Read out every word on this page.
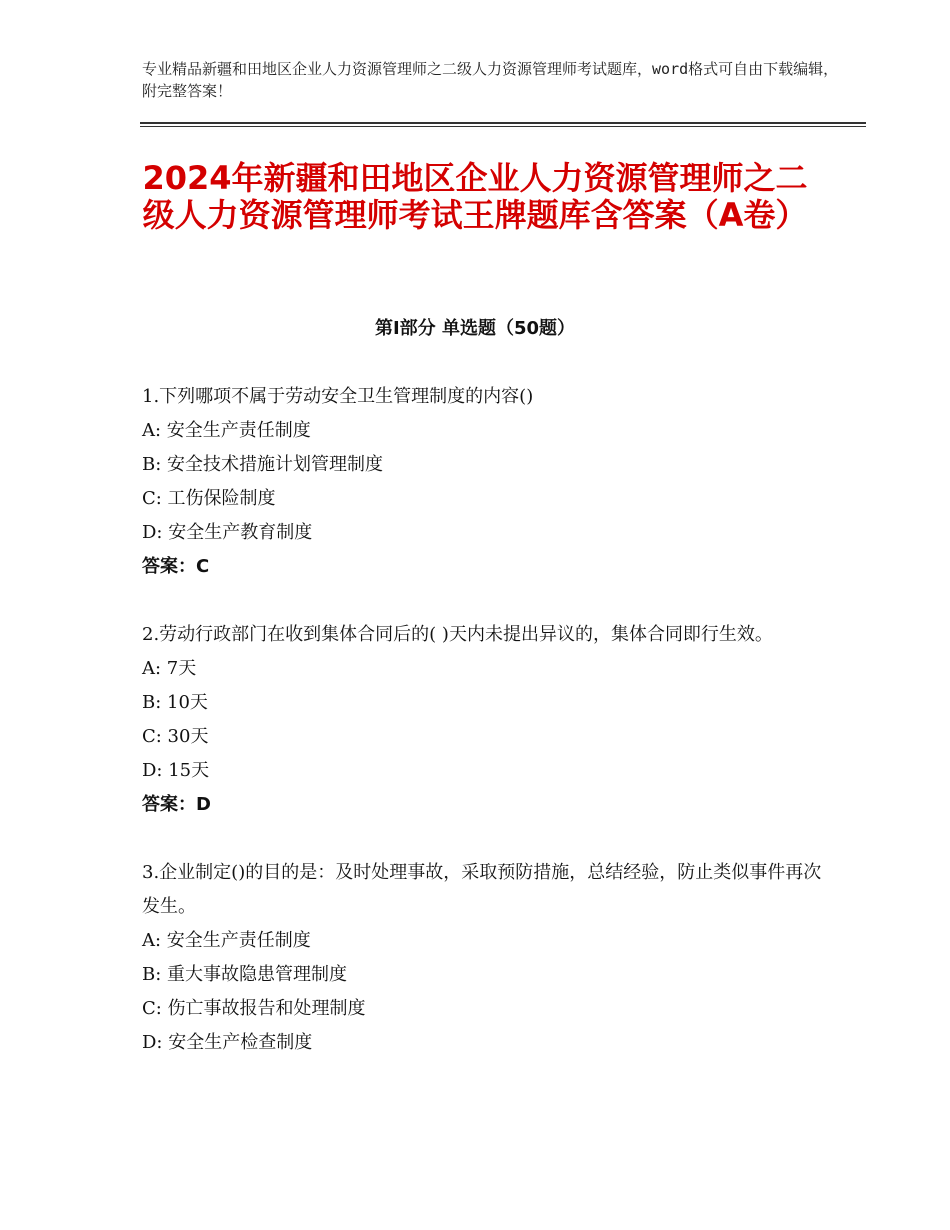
专业精品新疆和田地区企业人力资源管理师之二级人力资源管理师考试题库，word格式可自由下载编辑，附完整答案！
2024年新疆和田地区企业人力资源管理师之二级人力资源管理师考试王牌题库含答案（A卷）
第Ⅰ部分 单选题（50题）
1.下列哪项不属于劳动安全卫生管理制度的内容()
A: 安全生产责任制度
B: 安全技术措施计划管理制度
C: 工伤保险制度
D: 安全生产教育制度
答案：C
2.劳动行政部门在收到集体合同后的( )天内未提出异议的，集体合同即行生效。
A: 7天
B: 10天
C: 30天
D: 15天
答案：D
3.企业制定()的目的是：及时处理事故，采取预防措施，总结经验，防止类似事件再次发生。
A: 安全生产责任制度
B: 重大事故隐患管理制度
C: 伤亡事故报告和处理制度
D: 安全生产检查制度
